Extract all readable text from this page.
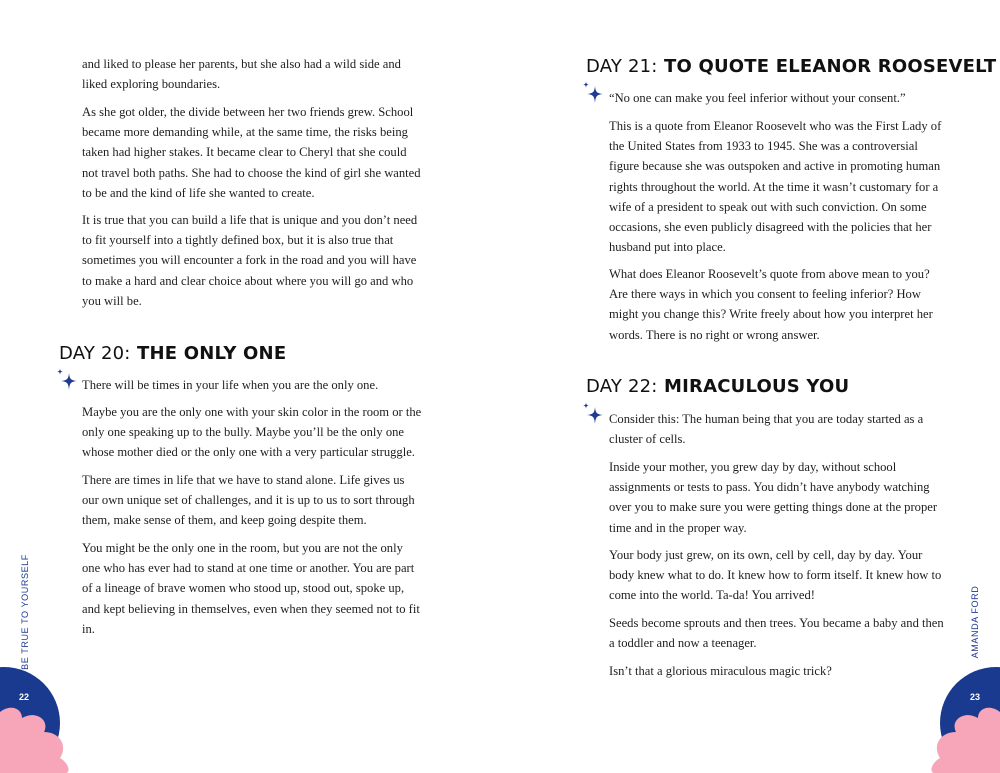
and liked to please her parents, but she also had a wild side and liked exploring boundaries.

As she got older, the divide between her two friends grew. School became more demanding while, at the same time, the risks being taken had higher stakes. It became clear to Cheryl that she could not travel both paths. She had to choose the kind of girl she wanted to be and the kind of life she wanted to create.

It is true that you can build a life that is unique and you don’t need to fit yourself into a tightly defined box, but it is also true that sometimes you will encounter a fork in the road and you will have to make a hard and clear choice about where you will go and who you will be.

DAY 20: THE ONLY ONE

There will be times in your life when you are the only one.

Maybe you are the only one with your skin color in the room or the only one speaking up to the bully. Maybe you’ll be the only one whose mother died or the only one with a very particular struggle.

There are times in life that we have to stand alone. Life gives us our own unique set of challenges, and it is up to us to sort through them, make sense of them, and keep going despite them.

You might be the only one in the room, but you are not the only one who has ever had to stand at one time or another. You are part of a lineage of brave women who stood up, stood out, spoke up, and kept believing in themselves, even when they seemed not to fit in.

BE TRUE TO YOURSELF
22
DAY 21: TO QUOTE ELEANOR ROOSEVELT

“No one can make you feel inferior without your consent.”

This is a quote from Eleanor Roosevelt who was the First Lady of the United States from 1933 to 1945. She was a controversial figure because she was outspoken and active in promoting human rights throughout the world. At the time it wasn’t customary for a wife of a president to speak out with such conviction. On some occasions, she even publicly disagreed with the policies that her husband put into place.

What does Eleanor Roosevelt’s quote from above mean to you? Are there ways in which you consent to feeling inferior? How might you change this? Write freely about how you interpret her words. There is no right or wrong answer.

DAY 22: MIRACULOUS YOU

Consider this: The human being that you are today started as a cluster of cells.

Inside your mother, you grew day by day, without school assignments or tests to pass. You didn’t have anybody watching over you to make sure you were getting things done at the proper time and in the proper way.

Your body just grew, on its own, cell by cell, day by day. Your body knew what to do. It knew how to form itself. It knew how to come into the world. Ta-da! You arrived!

Seeds become sprouts and then trees. You became a baby and then a toddler and now a teenager.

Isn’t that a glorious miraculous magic trick?

23
AMANDA FORD
